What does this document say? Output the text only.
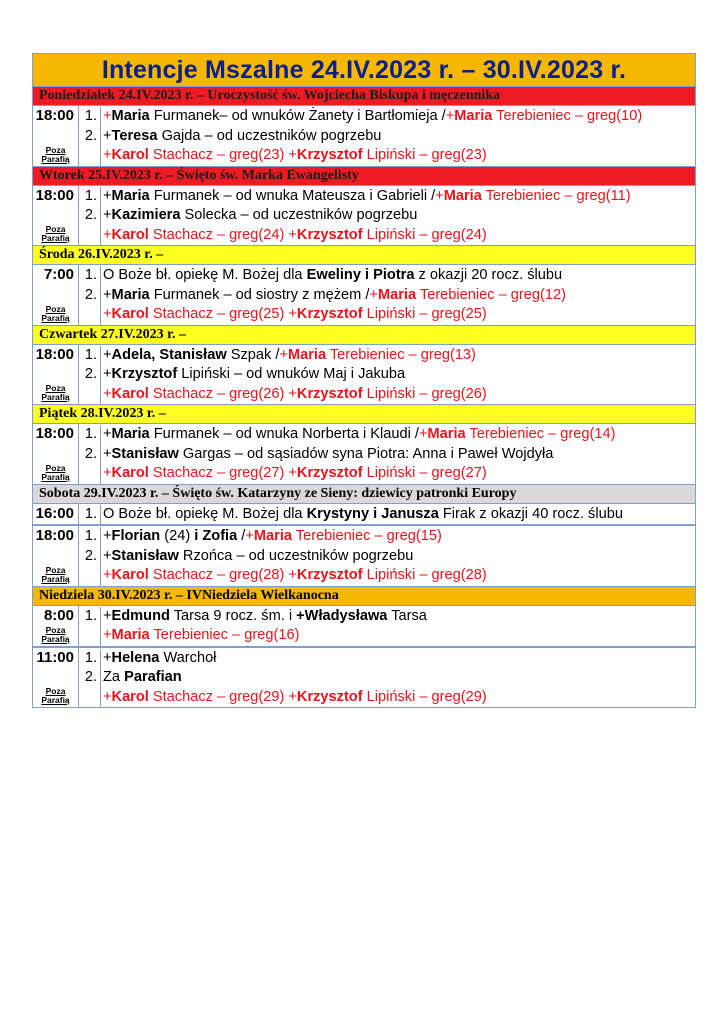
Intencje Mszalne 24.IV.2023 r. – 30.IV.2023 r.
Poniedziałek 24.IV.2023 r. – Uroczystość św. Wojciecha Biskupa i męczennika
18:00
Poza
Parafią
1. +Maria Furmanek– od wnuków Żanety i Bartłomieja /+Maria Terebieniec – greg(10)
2. +Teresa Gajda – od uczestników pogrzebu
+Karol Stachacz – greg(23) +Krzysztof Lipiński – greg(23)
Wtorek 25.IV.2023 r. – Święto św. Marka Ewangelisty
18:00
Poza
Parafią
1. +Maria Furmanek – od wnuka Mateusza i Gabrieli /+Maria Terebieniec – greg(11)
2. +Kazimiera Solecka – od uczestników pogrzebu
+Karol Stachacz – greg(24) +Krzysztof Lipiński – greg(24)
Środa 26.IV.2023 r. –
7:00
Poza
Parafią
1. O Boże bł. opiekę M. Bożej dla Eweliny i Piotra z okazji 20 rocz. ślubu
2. +Maria Furmanek – od siostry z mężem /+Maria Terebieniec – greg(12)
+Karol Stachacz – greg(25) +Krzysztof Lipiński – greg(25)
Czwartek 27.IV.2023 r. –
18:00
Poza
Parafią
1. +Adela, Stanisław Szpak /+Maria Terebieniec – greg(13)
2. +Krzysztof Lipiński – od wnuków Maj i Jakuba
+Karol Stachacz – greg(26) +Krzysztof Lipiński – greg(26)
Piątek 28.IV.2023 r. –
18:00
Poza
Parafią
1. +Maria Furmanek – od wnuka Norberta i Klaudi /+Maria Terebieniec – greg(14)
2. +Stanisław Gargas – od sąsiadów syna Piotra: Anna i Paweł Wojdyła
+Karol Stachacz – greg(27) +Krzysztof Lipiński – greg(27)
Sobota 29.IV.2023 r. – Święto św. Katarzyny ze Sieny: dziewicy patronki Europy
16:00 1. O Boże bł. opiekę M. Bożej dla Krystyny i Janusza Firak z okazji 40 rocz. ślubu
18:00
Poza
Parafią
1. +Florian (24) i Zofia /+Maria Terebieniec – greg(15)
2. +Stanisław Rzońca – od uczestników pogrzebu
+Karol Stachacz – greg(28) +Krzysztof Lipiński – greg(28)
Niedziela 30.IV.2023 r. – IVNiedziela Wielkanocna
8:00
Poza
Parafią
1. +Edmund Tarsa 9 rocz. śm. i +Władysława Tarsa
+Maria Terebieniec – greg(16)
11:00
Poza
Parafią
1. +Helena Warchoł
2. Za Parafian
+Karol Stachacz – greg(29) +Krzysztof Lipiński – greg(29)
